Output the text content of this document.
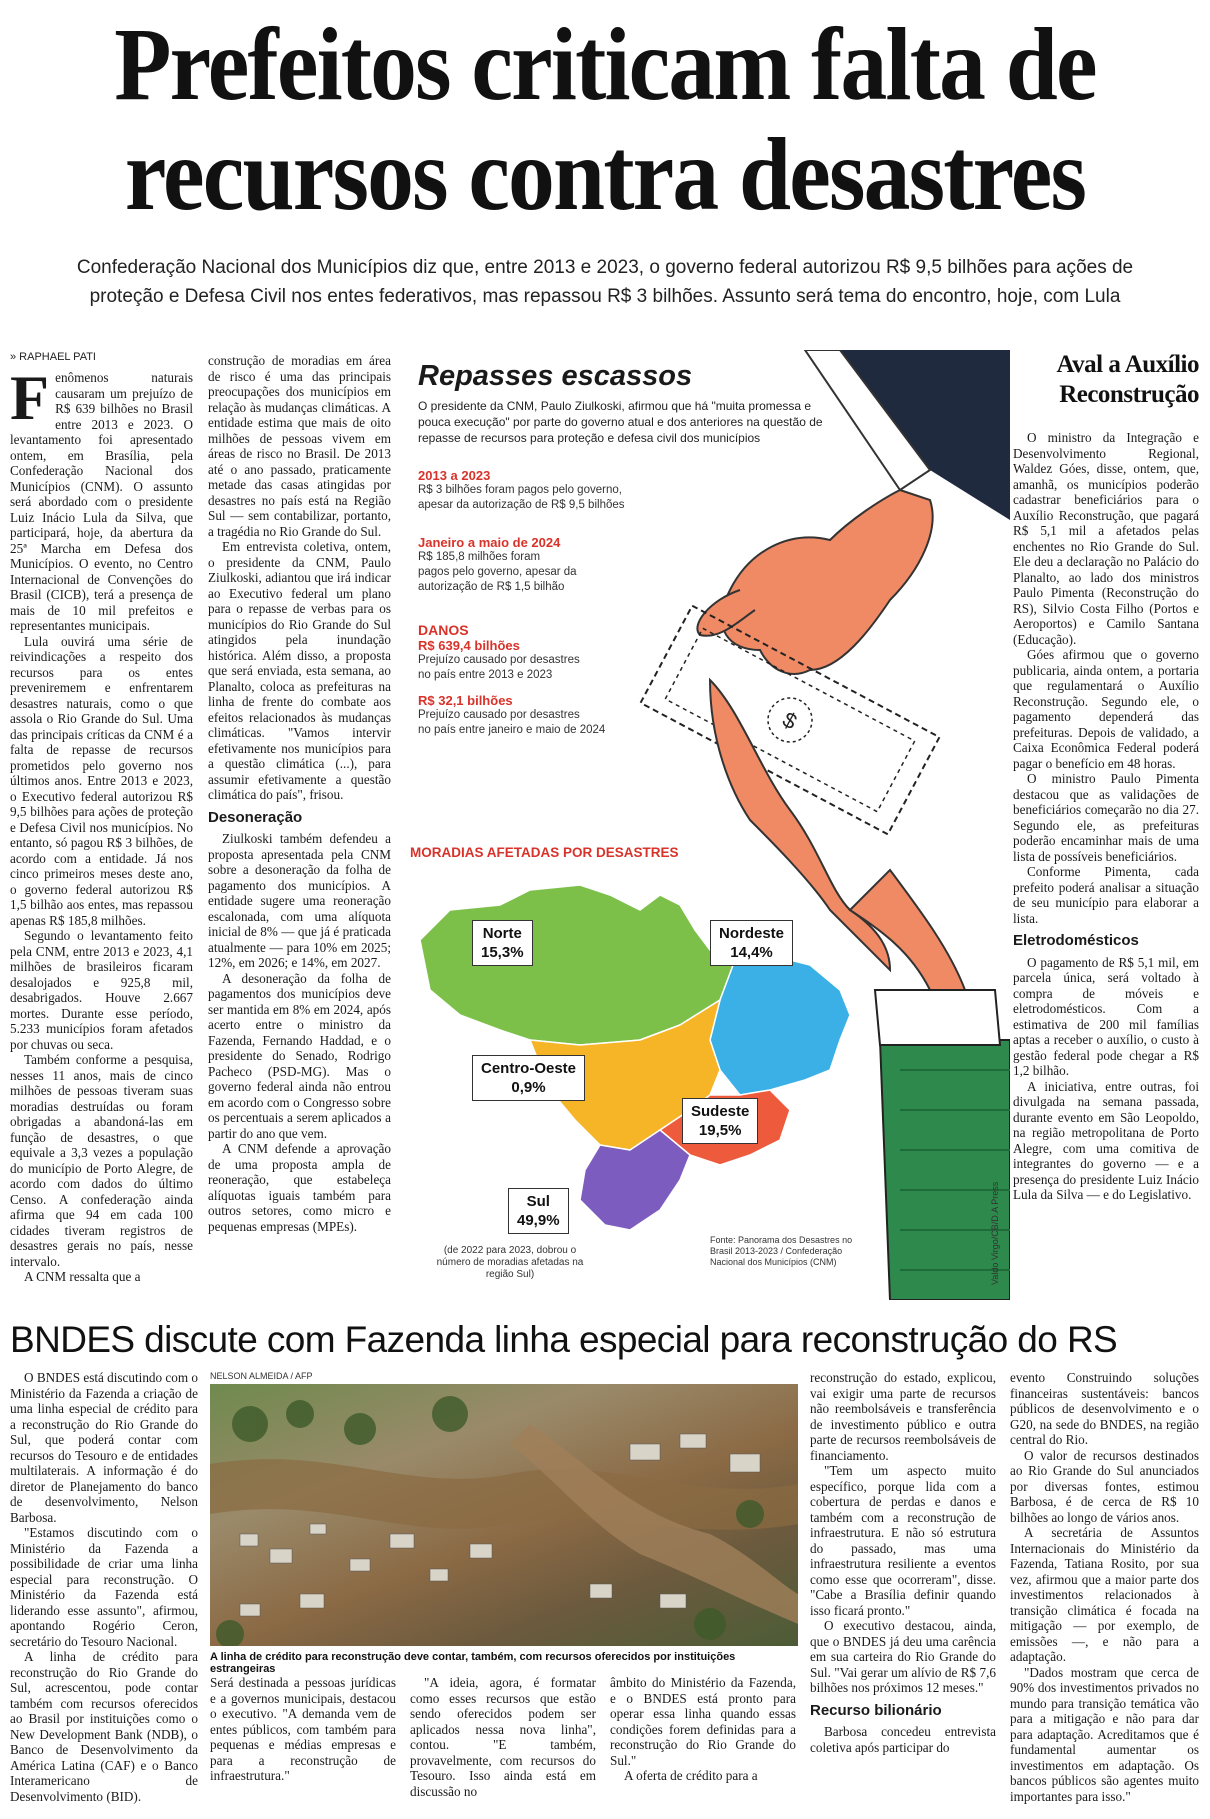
Prefeitos criticam falta de
recursos contra desastres
Confederação Nacional dos Municípios diz que, entre 2013 e 2023, o governo federal autorizou R$ 9,5 bilhões para ações de
proteção e Defesa Civil nos entes federativos, mas repassou R$ 3 bilhões. Assunto será tema do encontro, hoje, com Lula
» RAPHAEL PATI

Fenômenos naturais causaram um prejuízo de R$ 639 bilhões no Brasil entre 2013 e 2023. O levantamento foi apresentado ontem, em Brasília, pela Confederação Nacional dos Municípios (CNM). O assunto será abordado com o presidente Luiz Inácio Lula da Silva, que participará, hoje, da abertura da 25ª Marcha em Defesa dos Municípios. O evento, no Centro Internacional de Convenções do Brasil (CICB), terá a presença de mais de 10 mil prefeitos e representantes municipais.

Lula ouvirá uma série de reivindicações a respeito dos recursos para os entes preveniremem e enfrentarem desastres naturais, como o que assola o Rio Grande do Sul. Uma das principais críticas da CNM é a falta de repasse de recursos prometidos pelo governo nos últimos anos. Entre 2013 e 2023, o Executivo federal autorizou R$ 9,5 bilhões para ações de proteção e Defesa Civil nos municípios. No entanto, só pagou R$ 3 bilhões, de acordo com a entidade. Já nos cinco primeiros meses deste ano, o governo federal autorizou R$ 1,5 bilhão aos entes, mas repassou apenas R$ 185,8 milhões.

Segundo o levantamento feito pela CNM, entre 2013 e 2023, 4,1 milhões de brasileiros ficaram desalojados e 925,8 mil, desabrigados. Houve 2.667 mortes. Durante esse período, 5.233 municípios foram afetados por chuvas ou seca.

Também conforme a pesquisa, nesses 11 anos, mais de cinco milhões de pessoas tiveram suas moradias destruídas ou foram obrigadas a abandoná-las em função de desastres, o que equivale a 3,3 vezes a população do município de Porto Alegre, de acordo com dados do último Censo. A confederação ainda afirma que 94 em cada 100 cidades tiveram registros de desastres gerais no país, nesse intervalo.

A CNM ressalta que a

construção de moradias em área de risco é uma das principais preocupações dos municípios em relação às mudanças climáticas. A entidade estima que mais de oito milhões de pessoas vivem em áreas de risco no Brasil. De 2013 até o ano passado, praticamente metade das casas atingidas por desastres no país está na Região Sul — sem contabilizar, portanto, a tragédia no Rio Grande do Sul.

Em entrevista coletiva, ontem, o presidente da CNM, Paulo Ziulkoski, adiantou que irá indicar ao Executivo federal um plano para o repasse de verbas para os municípios do Rio Grande do Sul atingidos pela inundação histórica. Além disso, a proposta que será enviada, esta semana, ao Planalto, coloca as prefeituras na linha de frente do combate aos efeitos relacionados às mudanças climáticas. "Vamos intervir efetivamente nos municípios para a questão climática (...), para assumir efetivamente a questão climática do país", frisou.

Desoneração

Ziulkoski também defendeu a proposta apresentada pela CNM sobre a desoneração da folha de pagamento dos municípios. A entidade sugere uma reoneração escalonada, com uma alíquota inicial de 8% — que já é praticada atualmente — para 10% em 2025; 12%, em 2026; e 14%, em 2027.

A desoneração da folha de pagamentos dos municípios deve ser mantida em 8% em 2024, após acerto entre o ministro da Fazenda, Fernando Haddad, e o presidente do Senado, Rodrigo Pacheco (PSD-MG). Mas o governo federal ainda não entrou em acordo com o Congresso sobre os percentuais a serem aplicados a partir do ano que vem.

A CNM defende a aprovação de uma proposta ampla de reoneração, que estabeleça alíquotas iguais também para outros setores, como micro e pequenas empresas (MPEs).

$
Repasses escassos
O presidente da CNM, Paulo Ziulkoski, afirmou que há "muita promessa e pouca execução" por parte do governo atual e dos anteriores na questão de repasse de recursos para proteção e defesa civil dos municípios
2013 a 2023
R$ 3 bilhões foram pagos pelo governo,
apesar da autorização de R$ 9,5 bilhões
Janeiro a maio de 2024
R$ 185,8 milhões foram
pagos pelo governo, apesar da
autorização de R$ 1,5 bilhão
DANOS
R$ 639,4 bilhões
Prejuízo causado por desastres
no país entre 2013 e 2023
R$ 32,1 bilhões
Prejuízo causado por desastres
no país entre janeiro e maio de 2024
MORADIAS AFETADAS POR DESASTRES
Norte
15,3%
Nordeste
14,4%
Centro-Oeste
0,9%
Sudeste
19,5%
Sul
49,9%
(de 2022 para 2023, dobrou o número de moradias afetadas na região Sul)
Fonte: Panorama dos Desastres no Brasil 2013-2023 / Confederação Nacional dos Municípios (CNM)	Valdo Virgo/CB/D.A Press
Aval a Auxílio
Reconstrução

O ministro da Integração e Desenvolvimento Regional, Waldez Góes, disse, ontem, que, amanhã, os municípios poderão cadastrar beneficiários para o Auxílio Reconstrução, que pagará R$ 5,1 mil a afetados pelas enchentes no Rio Grande do Sul. Ele deu a declaração no Palácio do Planalto, ao lado dos ministros Paulo Pimenta (Reconstrução do RS), Silvio Costa Filho (Portos e Aeroportos) e Camilo Santana (Educação).

Góes afirmou que o governo publicaria, ainda ontem, a portaria que regulamentará o Auxílio Reconstrução. Segundo ele, o pagamento dependerá das prefeituras. Depois de validado, a Caixa Econômica Federal poderá pagar o benefício em 48 horas.

O ministro Paulo Pimenta destacou que as validações de beneficiários começarão no dia 27. Segundo ele, as prefeituras poderão encaminhar mais de uma lista de possíveis beneficiários.

Conforme Pimenta, cada prefeito poderá analisar a situação de seu município para elaborar a lista.

Eletrodomésticos

O pagamento de R$ 5,1 mil, em parcela única, será voltado à compra de móveis e eletrodomésticos. Com a estimativa de 200 mil famílias aptas a receber o auxílio, o custo à gestão federal pode chegar a R$ 1,2 bilhão.

A iniciativa, entre outras, foi divulgada na semana passada, durante evento em São Leopoldo, na região metropolitana de Porto Alegre, com uma comitiva de integrantes do governo — e a presença do presidente Luiz Inácio Lula da Silva — e do Legislativo.

BNDES discute com Fazenda linha especial para reconstrução do RS
NELSON ALMEIDA / AFP
A linha de crédito para reconstrução deve contar, também, com recursos oferecidos por instituições estrangeiras

O BNDES está discutindo com o Ministério da Fazenda a criação de uma linha especial de crédito para a reconstrução do Rio Grande do Sul, que poderá contar com recursos do Tesouro e de entidades multilaterais. A informação é do diretor de Planejamento do banco de desenvolvimento, Nelson Barbosa.

"Estamos discutindo com o Ministério da Fazenda a possibilidade de criar uma linha especial para reconstrução. O Ministério da Fazenda está liderando esse assunto", afirmou, apontando Rogério Ceron, secretário do Tesouro Nacional.

A linha de crédito para reconstrução do Rio Grande do Sul, acrescentou, pode contar também com recursos oferecidos ao Brasil por instituições como o New Development Bank (NDB), o Banco de Desenvolvimento da América Latina (CAF) e o Banco Interamericano de Desenvolvimento (BID).

Será destinada a pessoas jurídicas e a governos municipais, destacou o executivo. "A demanda vem de entes públicos, com também para pequenas e médias empresas e para a reconstrução de infraestrutura."

"A ideia, agora, é formatar como esses recursos que estão sendo oferecidos podem ser aplicados nessa nova linha", contou. "E também, provavelmente, com recursos do Tesouro. Isso ainda está em discussão no

âmbito do Ministério da Fazenda, e o BNDES está pronto para operar essa linha quando essas condições forem definidas para a reconstrução do Rio Grande do Sul."

A oferta de crédito para a

reconstrução do estado, explicou, vai exigir uma parte de recursos não reembolsáveis e transferência de investimento público e outra parte de recursos reembolsáveis de financiamento.

"Tem um aspecto muito específico, porque lida com a cobertura de perdas e danos e também com a reconstrução de infraestrutura. E não só estrutura do passado, mas uma infraestrutura resiliente a eventos como esse que ocorreram", disse. "Cabe a Brasília definir quando isso ficará pronto."

O executivo destacou, ainda, que o BNDES já deu uma carência em sua carteira do Rio Grande do Sul. "Vai gerar um alívio de R$ 7,6 bilhões nos próximos 12 meses."

Recurso bilionário

Barbosa concedeu entrevista coletiva após participar do

evento Construindo soluções financeiras sustentáveis: bancos públicos de desenvolvimento e o G20, na sede do BNDES, na região central do Rio.

O valor de recursos destinados ao Rio Grande do Sul anunciados por diversas fontes, estimou Barbosa, é de cerca de R$ 10 bilhões ao longo de vários anos.

A secretária de Assuntos Internacionais do Ministério da Fazenda, Tatiana Rosito, por sua vez, afirmou que a maior parte dos investimentos relacionados à transição climática é focada na mitigação — por exemplo, de emissões —, e não para a adaptação.

"Dados mostram que cerca de 90% dos investimentos privados no mundo para transição temática vão para a mitigação e não para dar para adaptação. Acreditamos que é fundamental aumentar os investimentos em adaptação. Os bancos públicos são agentes muito importantes para isso."
